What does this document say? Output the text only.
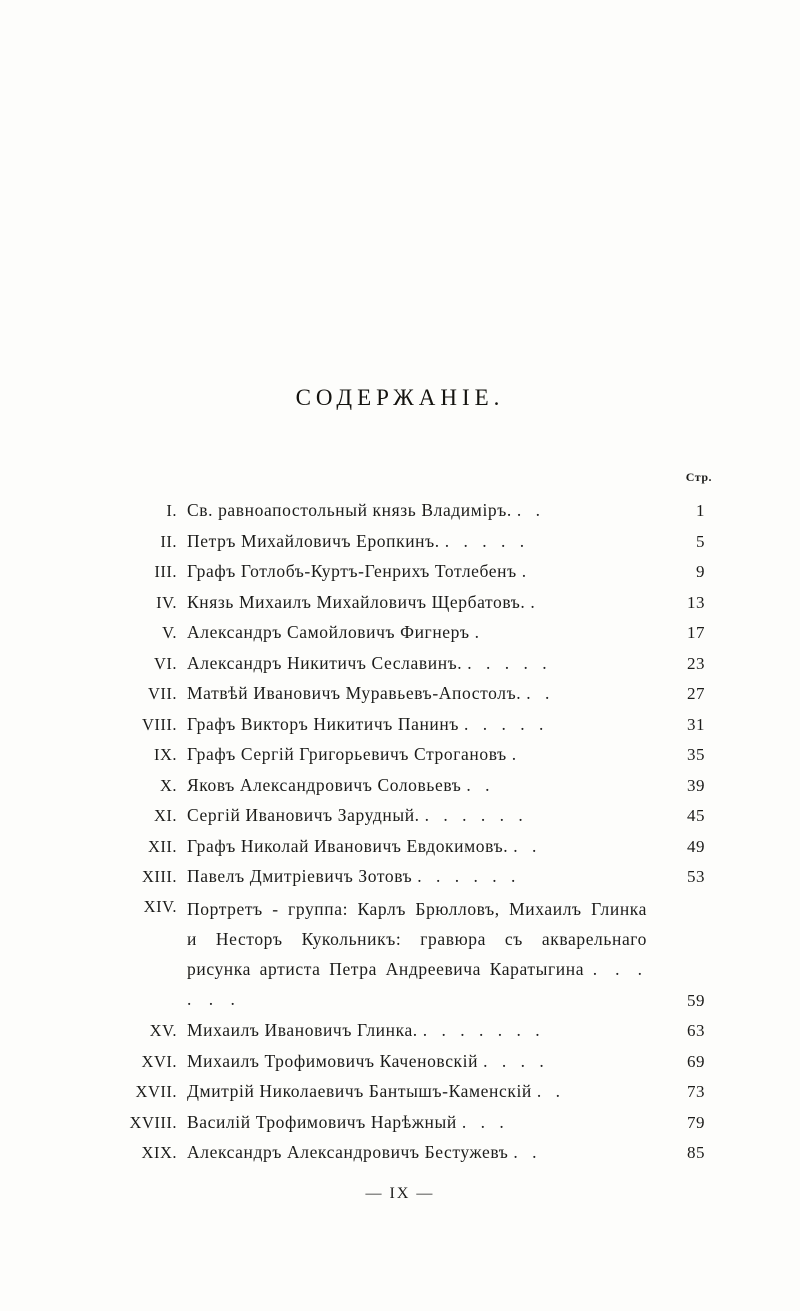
СОДЕРЖАНІЕ.
Стр.
I. Св. равноапостольный князь Владиміръ. . .	1
II. Петръ Михайловичъ Еропкинъ. . . . . .	5
III. Графъ Готлобъ-Куртъ-Генрихъ Тотлебенъ .	9
IV. Князь Михаилъ Михайловичъ Щербатовъ. .	13
V. Александръ Самойловичъ Фигнеръ .	17
VI. Александръ Никитичъ Сеславинъ. . . . . .	23
VII. Матвѣй Ивановичъ Муравьевъ-Апостолъ. . .	27
VIII. Графъ Викторъ Никитичъ Панинъ . . . . .	31
IX. Графъ Сергій Григорьевичъ Строгановъ .	35
X. Яковъ Александровичъ Соловьевъ . .	39
XI. Сергій Ивановичъ Зарудный. . . . . . .	45
XII. Графъ Николай Ивановичъ Евдокимовъ. . .	49
XIII. Павелъ Дмитріевичъ Зотовъ . . . . . .	53
XIV. Портретъ - группа: Карлъ Брюлловъ, Михаилъ Глинка и Несторъ Кукольникъ: гравюра съ акварельнаго рисунка артиста Петра Андреевича Каратыгина . . . . . .	59
XV. Михаилъ Ивановичъ Глинка. . . . . . . .	63
XVI. Михаилъ Трофимовичъ Каченовскій . . . .	69
XVII. Дмитрій Николаевичъ Бантышъ-Каменскій . .	73
XVIII. Василій Трофимовичъ Нарѣжный . . .	79
XIX. Александръ Александровичъ Бестужевъ . .	85
— IX —
